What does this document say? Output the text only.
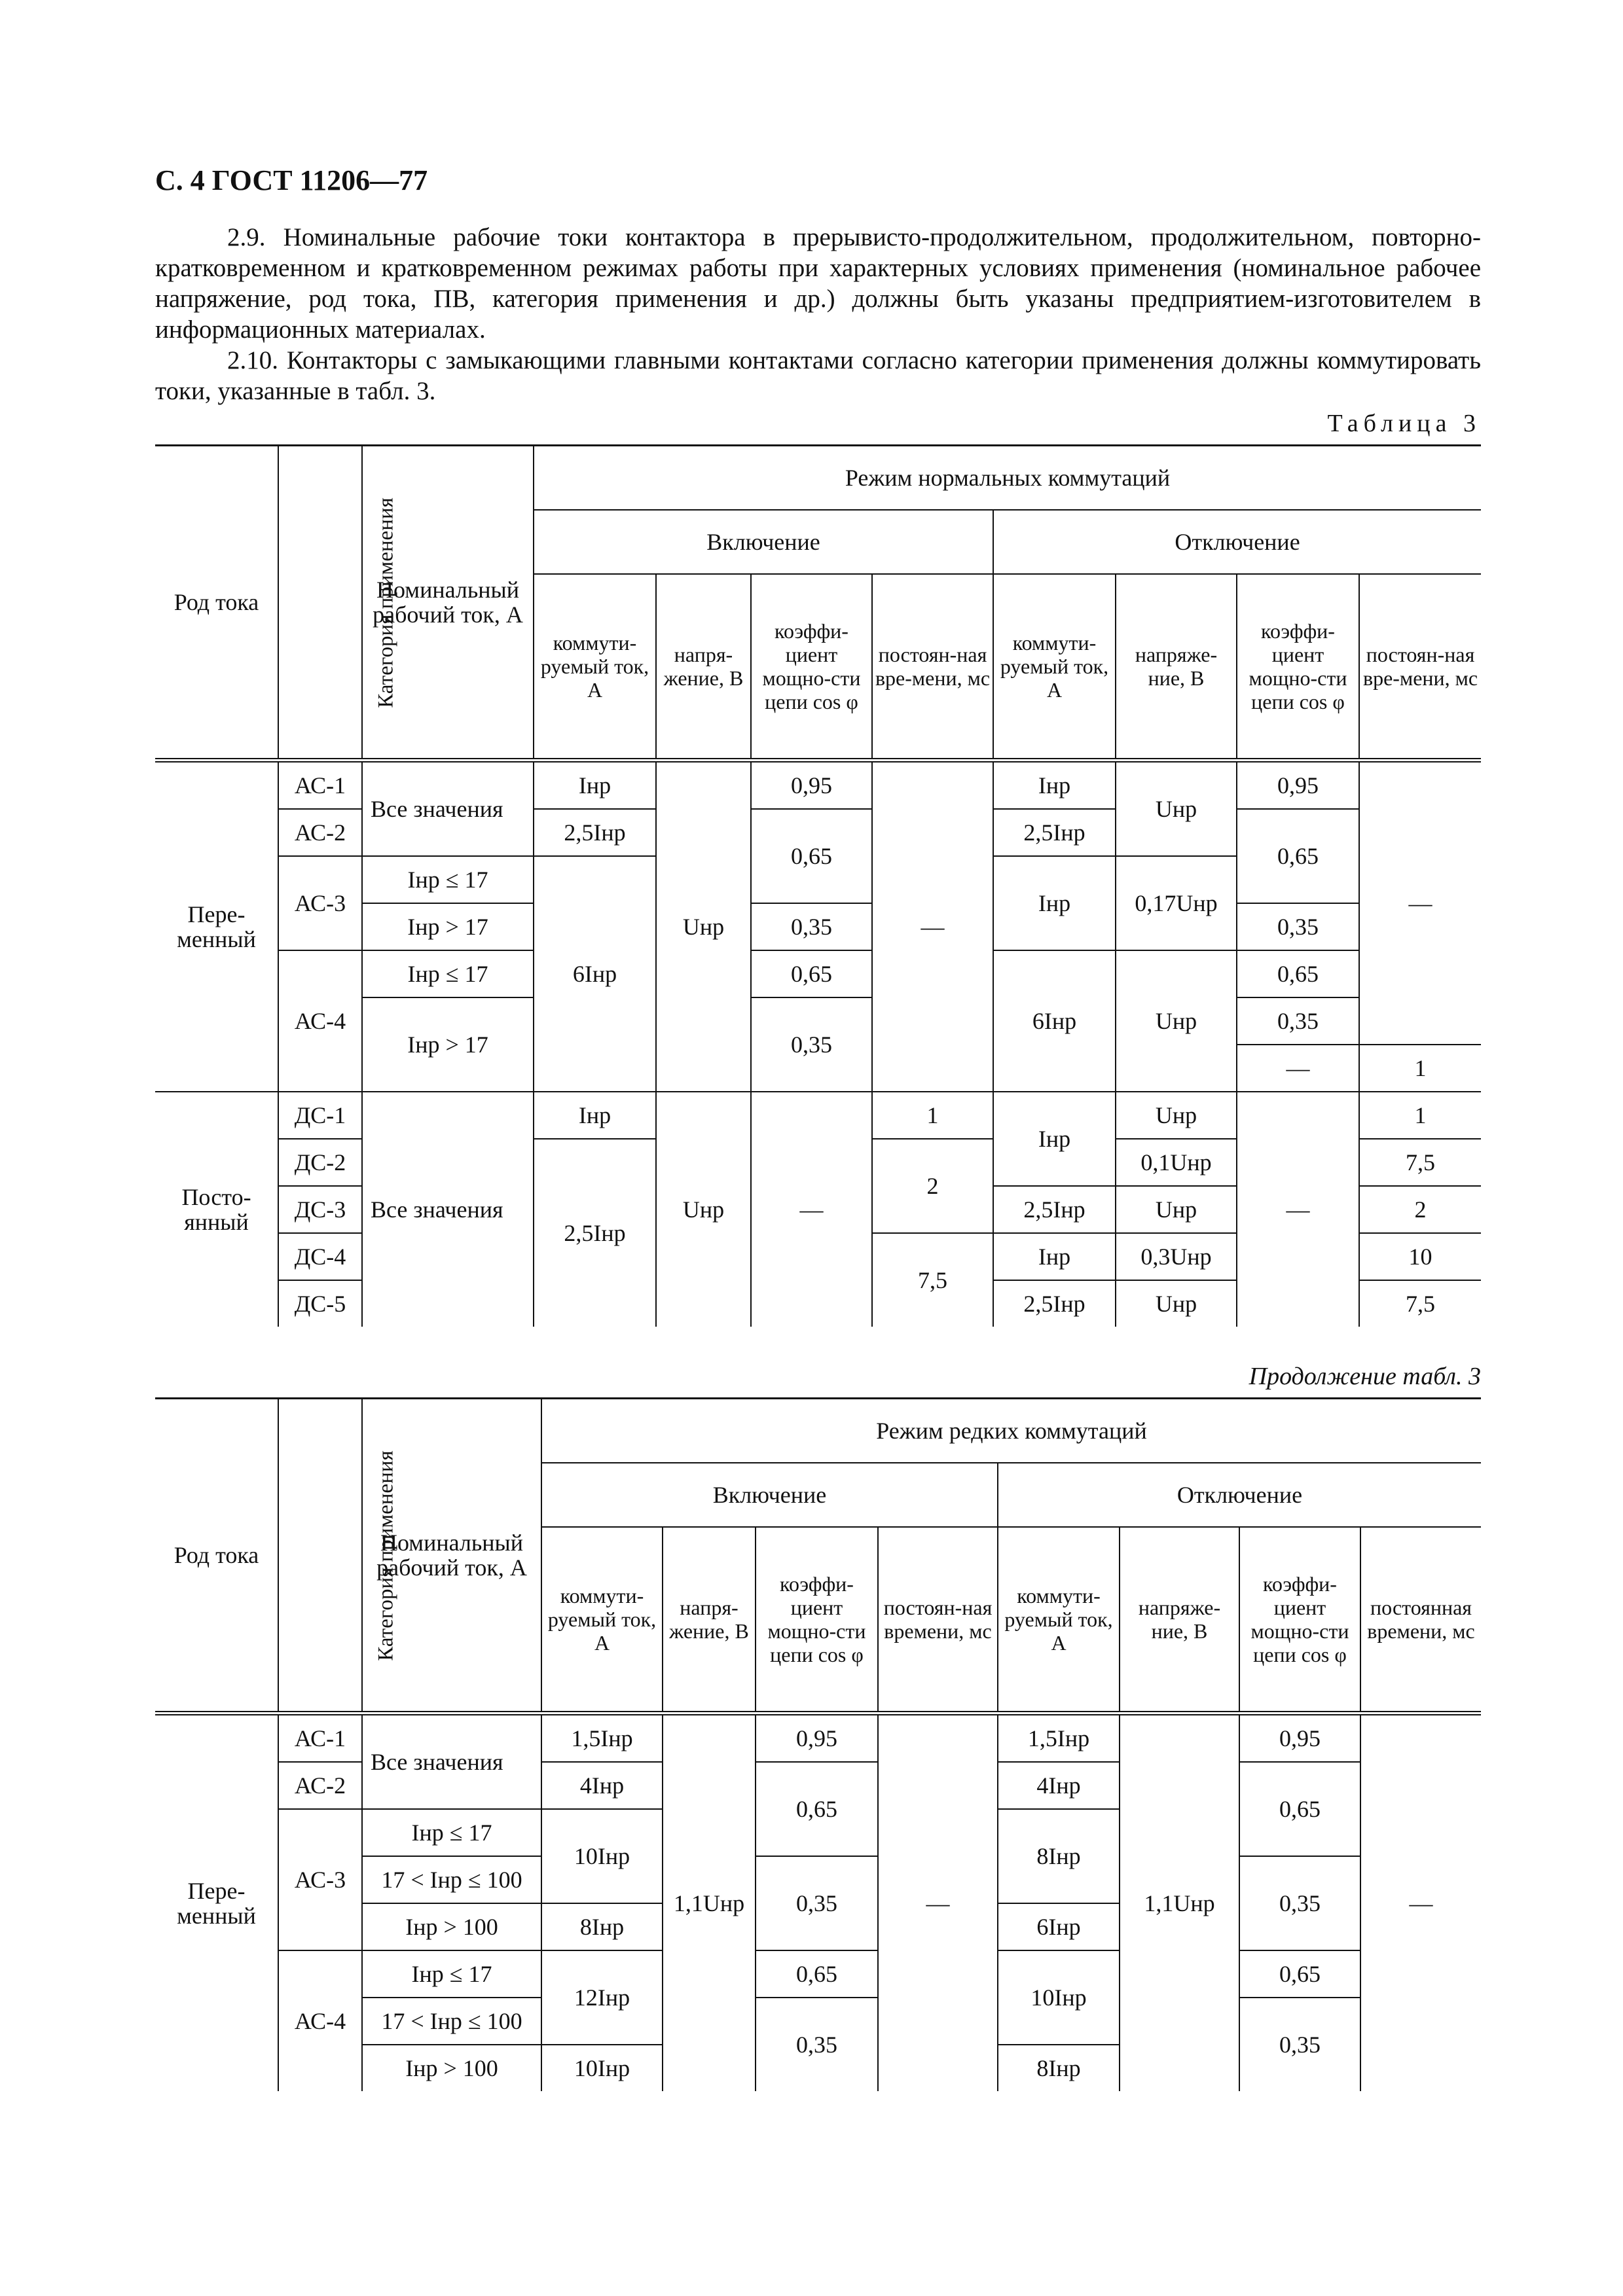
С. 4 ГОСТ 11206—77

2.9. Номинальные рабочие токи контактора в прерывисто-продолжительном, продолжительном, повторно-кратковременном и кратковременном режимах работы при характерных условиях применения (номинальное рабочее напряжение, род тока, ПВ, категория применения и др.) должны быть указаны предприятием-изготовителем в информационных материалах.

2.10. Контакторы с замыкающими главными контактами согласно категории применения должны коммутировать токи, указанные в табл. 3.

Таблица 3
Род тока	Категория применения	Номинальный рабочий ток, А	Режим нормальных коммутаций							
			Включение				Отключение			
			коммути-руемый ток, А	напря-жение, В	коэффи-циент мощно-сти цепи cos φ	постоян-ная вре-мени, мс	коммути-руемый ток, А	напряже-ние, В	коэффи-циент мощно-сти цепи cos φ	постоян-ная вре-мени, мс
Пере-менный	АС-1	Все значения	Iнр	Uнр	0,95	—	Iнр	Uнр	0,95	—
	АС-2		2,5Iнр		0,65		2,5Iнр		0,65	
	АС-3	Iнр ≤ 17	6Iнр				Iнр	0,17Uнр		
		Iнр > 17			0,35				0,35	
	АС-4	Iнр ≤ 17			0,65		6Iнр	Uнр	0,65	
		Iнр > 17			0,35				0,35	
									—	1
Посто-янный	ДС-1	Все значения	Iнр	Uнр	—	1	Iнр	Uнр	—	1
	ДС-2		2,5Iнр			2		0,1Uнр		7,5
	ДС-3						2,5Iнр	Uнр		2
	ДС-4					7,5	Iнр	0,3Uнр		10
	ДС-5						2,5Iнр	Uнр		7,5
Продолжение табл. 3
Род тока	Категория применения	Номинальный рабочий ток, А	Режим редких коммутаций							
			Включение				Отключение			
			коммути-руемый ток, А	напря-жение, В	коэффи-циент мощно-сти цепи cos φ	постоян-ная времени, мс	коммути-руемый ток, А	напряже-ние, В	коэффи-циент мощно-сти цепи cos φ	постоянная времени, мс
Пере-менный	АС-1	Все значения	1,5Iнр	1,1Uнр	0,95	—	1,5Iнр	1,1Uнр	0,95	—
	АС-2		4Iнр		0,65		4Iнр		0,65	
	АС-3	Iнр ≤ 17	10Iнр				8Iнр			
		17 < Iнр ≤ 100			0,35				0,35	
		Iнр > 100	8Iнр				6Iнр			
	АС-4	Iнр ≤ 17	12Iнр		0,65		10Iнр		0,65	
		17 < Iнр ≤ 100			0,35				0,35	
		Iнр > 100	10Iнр				8Iнр			
